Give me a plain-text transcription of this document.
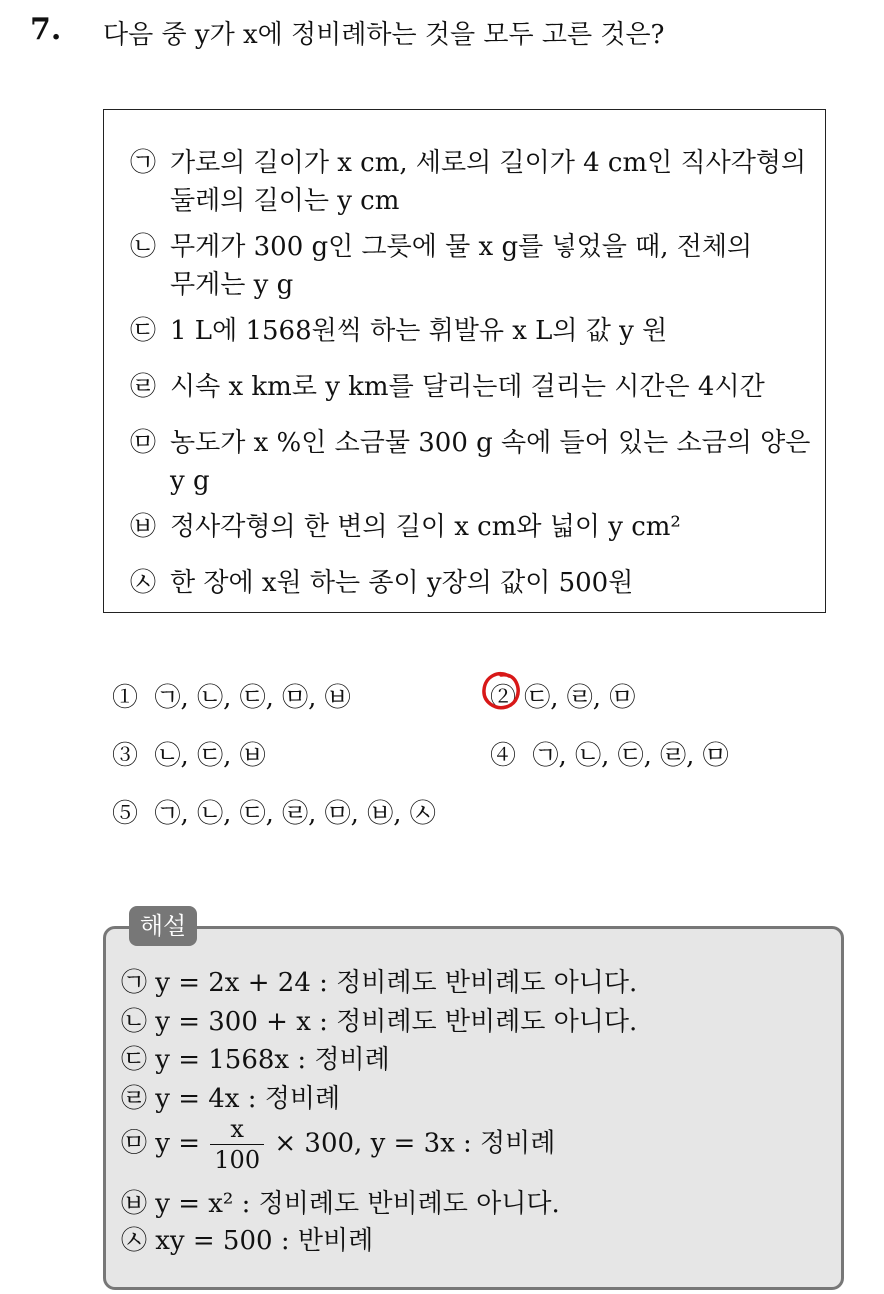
7. 다음 중 y가 x에 정비례하는 것을 모두 고른 것은?
㉠ 가로의 길이가 x cm, 세로의 길이가 4 cm인 직사각형의
둘레의 길이는 y cm
㉡ 무게가 300 g인 그릇에 물 x g를 넣었을 때, 전체의
무게는 y g
㉢ 1 L에 1568원씩 하는 휘발유 x L의 값 y 원
㉣ 시속 x km로 y km를 달리는데 걸리는 시간은 4시간
㉤ 농도가 x %인 소금물 300 g 속에 들어 있는 소금의 양은
y g
㉥ 정사각형의 한 변의 길이 x cm와 넓이 y cm²
㉦ 한 장에 x원 하는 종이 y장의 값이 500원
① ㉠, ㉡, ㉢, ㉤, ㉥	② ㉢, ㉣, ㉤
③ ㉡, ㉢, ㉥	④ ㉠, ㉡, ㉢, ㉣, ㉤
⑤ ㉠, ㉡, ㉢, ㉣, ㉤, ㉥, ㉦
해설
㉠ y = 2x + 24 : 정비례도 반비례도 아니다.
㉡ y = 300 + x : 정비례도 반비례도 아니다.
㉢ y = 1568x : 정비례
㉣ y = 4x : 정비례
㉤ $y = \frac{x}{100} \times 300$, y = 3x : 정비례
㉥ y = x² : 정비례도 반비례도 아니다.
㉦ xy = 500 : 반비례
